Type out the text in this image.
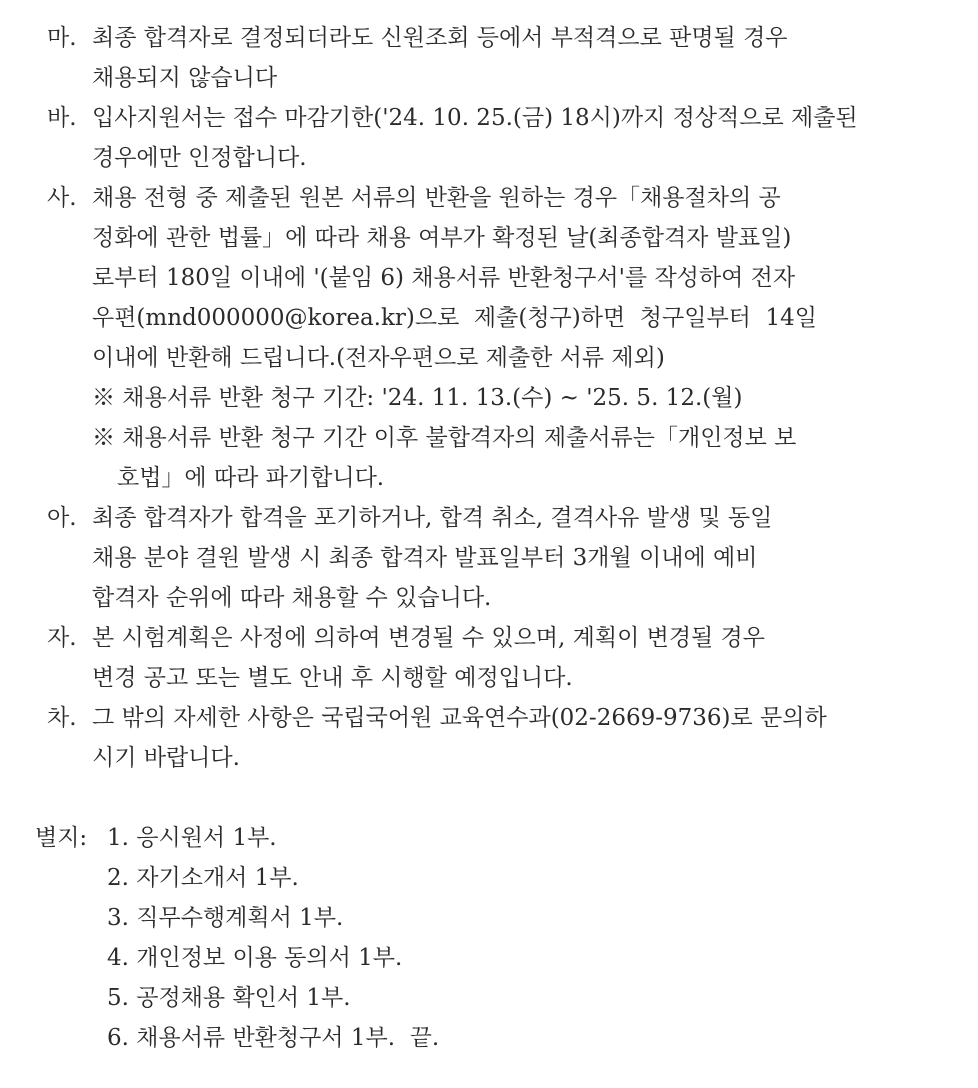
마. 최종 합격자로 결정되더라도 신원조회 등에서 부적격으로 판명될 경우
채용되지 않습니다
바. 입사지원서는 접수 마감기한('24. 10. 25.(금) 18시)까지 정상적으로 제출된
경우에만 인정합니다.
사. 채용 전형 중 제출된 원본 서류의 반환을 원하는 경우「채용절차의 공
정화에 관한 법률」에 따라 채용 여부가 확정된 날(최종합격자 발표일)
로부터 180일 이내에 '(붙임 6) 채용서류 반환청구서'를 작성하여 전자
우편(mnd000000@korea.kr)으로  제출(청구)하면  청구일부터  14일
이내에 반환해 드립니다.(전자우편으로 제출한 서류 제외)
※ 채용서류 반환 청구 기간: '24. 11. 13.(수) ~ '25. 5. 12.(월)
※ 채용서류 반환 청구 기간 이후 불합격자의 제출서류는「개인정보 보
호법」에 따라 파기합니다.
아. 최종 합격자가 합격을 포기하거나, 합격 취소, 결격사유 발생 및 동일
채용 분야 결원 발생 시 최종 합격자 발표일부터 3개월 이내에 예비
합격자 순위에 따라 채용할 수 있습니다.
자. 본 시험계획은 사정에 의하여 변경될 수 있으며, 계획이 변경될 경우
변경 공고 또는 별도 안내 후 시행할 예정입니다.
차. 그 밖의 자세한 사항은 국립국어원 교육연수과(02-2669-9736)로 문의하
시기 바랍니다.
별지: 1. 응시원서 1부.
2. 자기소개서 1부.
3. 직무수행계획서 1부.
4. 개인정보 이용 동의서 1부.
5. 공정채용 확인서 1부.
6. 채용서류 반환청구서 1부.  끝.
